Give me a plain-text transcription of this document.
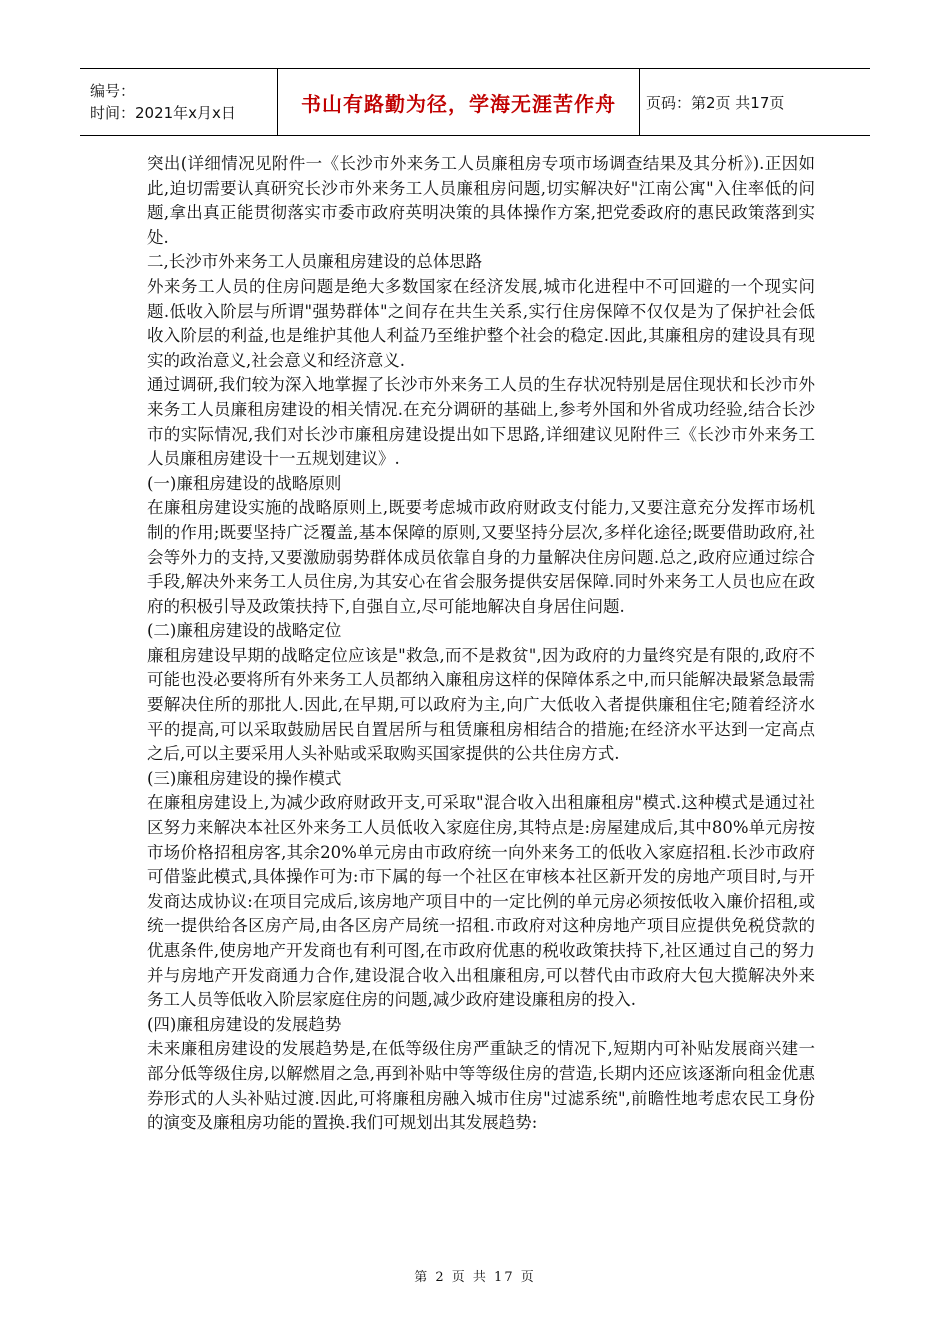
编号：
时间：2021年x月x日	书山有路勤为径，学海无涯苦作舟	页码：第2页 共17页

突出(详细情况见附件一《长沙市外来务工人员廉租房专项市场调查结果及其分析》).正因如此,迫切需要认真研究长沙市外来务工人员廉租房问题,切实解决好"江南公寓"入住率低的问题,拿出真正能贯彻落实市委市政府英明决策的具体操作方案,把党委政府的惠民政策落到实处.

二,长沙市外来务工人员廉租房建设的总体思路

外来务工人员的住房问题是绝大多数国家在经济发展,城市化进程中不可回避的一个现实问题.低收入阶层与所谓"强势群体"之间存在共生关系,实行住房保障不仅仅是为了保护社会低收入阶层的利益,也是维护其他人利益乃至维护整个社会的稳定.因此,其廉租房的建设具有现实的政治意义,社会意义和经济意义.

通过调研,我们较为深入地掌握了长沙市外来务工人员的生存状况特别是居住现状和长沙市外来务工人员廉租房建设的相关情况.在充分调研的基础上,参考外国和外省成功经验,结合长沙市的实际情况,我们对长沙市廉租房建设提出如下思路,详细建议见附件三《长沙市外来务工人员廉租房建设十一五规划建议》.

(一)廉租房建设的战略原则

在廉租房建设实施的战略原则上,既要考虑城市政府财政支付能力,又要注意充分发挥市场机制的作用;既要坚持广泛覆盖,基本保障的原则,又要坚持分层次,多样化途径;既要借助政府,社会等外力的支持,又要激励弱势群体成员依靠自身的力量解决住房问题.总之,政府应通过综合手段,解决外来务工人员住房,为其安心在省会服务提供安居保障.同时外来务工人员也应在政府的积极引导及政策扶持下,自强自立,尽可能地解决自身居住问题.

(二)廉租房建设的战略定位

廉租房建设早期的战略定位应该是"救急,而不是救贫",因为政府的力量终究是有限的,政府不可能也没必要将所有外来务工人员都纳入廉租房这样的保障体系之中,而只能解决最紧急最需要解决住所的那批人.因此,在早期,可以政府为主,向广大低收入者提供廉租住宅;随着经济水平的提高,可以采取鼓励居民自置居所与租赁廉租房相结合的措施;在经济水平达到一定高点之后,可以主要采用人头补贴或采取购买国家提供的公共住房方式.

(三)廉租房建设的操作模式

在廉租房建设上,为减少政府财政开支,可采取"混合收入出租廉租房"模式.这种模式是通过社区努力来解决本社区外来务工人员低收入家庭住房,其特点是:房屋建成后,其中80%单元房按市场价格招租房客,其余20%单元房由市政府统一向外来务工的低收入家庭招租.长沙市政府可借鉴此模式,具体操作可为:市下属的每一个社区在审核本社区新开发的房地产项目时,与开发商达成协议:在项目完成后,该房地产项目中的一定比例的单元房必须按低收入廉价招租,或统一提供给各区房产局,由各区房产局统一招租.市政府对这种房地产项目应提供免税贷款的优惠条件,使房地产开发商也有利可图,在市政府优惠的税收政策扶持下,社区通过自己的努力并与房地产开发商通力合作,建设混合收入出租廉租房,可以替代由市政府大包大揽解决外来务工人员等低收入阶层家庭住房的问题,减少政府建设廉租房的投入.

(四)廉租房建设的发展趋势

未来廉租房建设的发展趋势是,在低等级住房严重缺乏的情况下,短期内可补贴发展商兴建一部分低等级住房,以解燃眉之急,再到补贴中等等级住房的营造,长期内还应该逐渐向租金优惠券形式的人头补贴过渡.因此,可将廉租房融入城市住房"过滤系统",前瞻性地考虑农民工身份的演变及廉租房功能的置换.我们可规划出其发展趋势:

第 2 页 共 17 页
